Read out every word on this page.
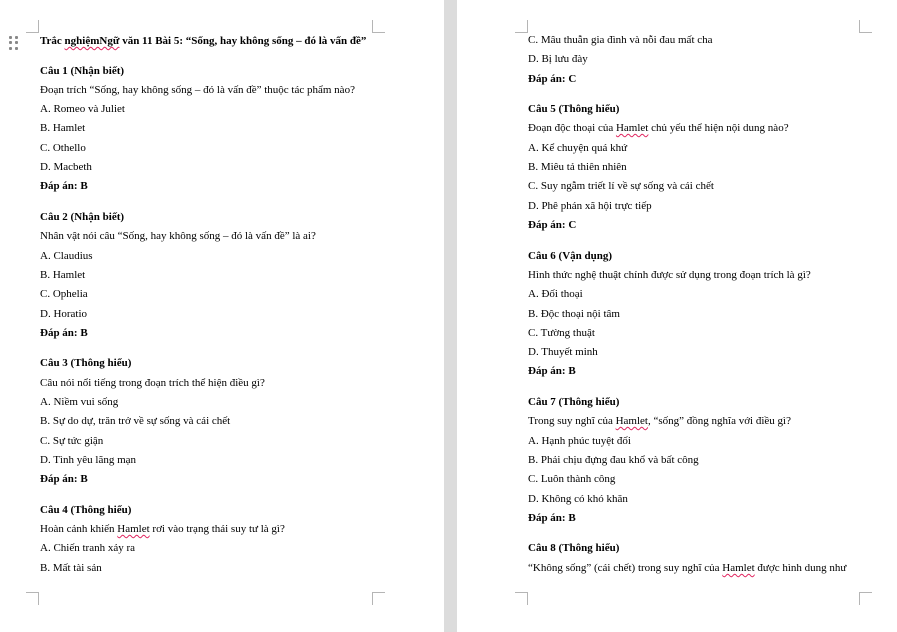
Trắc nghiệmNgữ văn 11 Bài 5: “Sống, hay không sống – đó là vấn đề”
Câu 1 (Nhận biết)
Đoạn trích “Sống, hay không sống – đó là vấn đề” thuộc tác phẩm nào?
A. Romeo và Juliet
B. Hamlet
C. Othello
D. Macbeth
Đáp án: B
Câu 2 (Nhận biết)
Nhân vật nói câu “Sống, hay không sống – đó là vấn đề” là ai?
A. Claudius
B. Hamlet
C. Ophelia
D. Horatio
Đáp án: B
Câu 3 (Thông hiểu)
Câu nói nổi tiếng trong đoạn trích thể hiện điều gì?
A. Niềm vui sống
B. Sự do dự, trăn trở về sự sống và cái chết
C. Sự tức giận
D. Tình yêu lãng mạn
Đáp án: B
Câu 4 (Thông hiểu)
Hoàn cảnh khiến Hamlet rơi vào trạng thái suy tư là gì?
A. Chiến tranh xảy ra
B. Mất tài sản
C. Mâu thuẫn gia đình và nỗi đau mất cha
D. Bị lưu đày
Đáp án: C
Câu 5 (Thông hiểu)
Đoạn độc thoại của Hamlet chủ yếu thể hiện nội dung nào?
A. Kể chuyện quá khứ
B. Miêu tả thiên nhiên
C. Suy ngẫm triết lí về sự sống và cái chết
D. Phê phán xã hội trực tiếp
Đáp án: C
Câu 6 (Vận dụng)
Hình thức nghệ thuật chính được sử dụng trong đoạn trích là gì?
A. Đối thoại
B. Độc thoại nội tâm
C. Tường thuật
D. Thuyết minh
Đáp án: B
Câu 7 (Thông hiểu)
Trong suy nghĩ của Hamlet, “sống” đồng nghĩa với điều gì?
A. Hạnh phúc tuyệt đối
B. Phải chịu đựng đau khổ và bất công
C. Luôn thành công
D. Không có khó khăn
Đáp án: B
Câu 8 (Thông hiểu)
“Không sống” (cái chết) trong suy nghĩ của Hamlet được hình dung như
